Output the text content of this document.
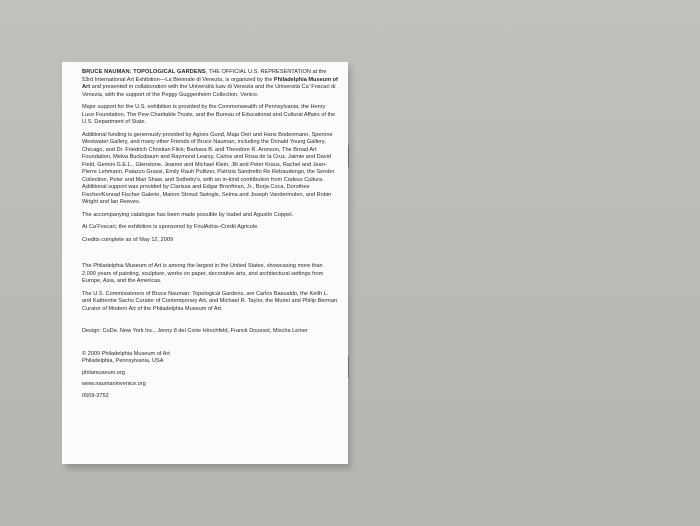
BRUCE NAUMAN: TOPOLOGICAL GARDENS, THE OFFICIAL U.S. REPRESENTATION at the 53rd International Art Exhibition—La Biennale di Venezia, is organized by the Philadelphia Museum of Art and presented in collaboration with the Università Iuav di Venezia and the Università Ca’ Foscari di Venezia, with the support of the Peggy Guggenheim Collection, Venice.

Major support for the U.S. exhibition is provided by the Commonwealth of Pennsylvania, the Henry Luce Foundation, The Pew Charitable Trusts, and the Bureau of Educational and Cultural Affairs of the U.S. Department of State.

Additional funding is generously provided by Agnes Gund, Maja Oeri and Hans Bodenmann, Sperone Westwater Gallery, and many other Friends of Bruce Nauman, including the Donald Young Gallery, Chicago, and Dr. Friedrich Christian Flick; Barbara B. and Theodore R. Aronson, The Broad Art Foundation, Melva Bucksbaum and Raymond Learsy, Carlos and Rosa de la Cruz, Jaimie and David Field, Gemini G.E.L., Glenstone, Jeanne and Michael Klein, Jill and Peter Kraus, Rachel and Jean-Pierre Lehmann, Palazzo Grassi, Emily Rauh Pulitzer, Patrizia Sandretto Re Rebaudengo, the Sender Collection, Peter and Mari Shaw, and Sotheby’s, with an in-kind contribution from Codess Cultura. Additional support was provided by Clarissa and Edgar Bronfman, Jr., Borja Coca, Dorothee Fischer/Konrad Fischer Galerie, Marion Stroud Swingle, Selma and Joseph Vandermolen, and Robin Wright and Ian Reeves.

The accompanying catalogue has been made possible by Isabel and Agustín Coppel.

At Ca’Foscari, the exhibition is sponsored by FriulAdria–Crédit Agricole.

Credits complete as of May 12, 2009

The Philadelphia Museum of Art is among the largest in the United States, showcasing more than 2,000 years of painting, sculpture, works on paper, decorative arts, and architectural settings from Europe, Asia, and the Americas.

The U.S. Commissioners of Bruce Nauman: Topological Gardens, are Carlos Basualdo, the Keith L. and Katherine Sachs Curator of Contemporary Art, and Michael R. Taylor, the Muriel and Philip Berman Curator of Modern Art of the Philadelphia Museum of Art.

Design: CoDe. New York Inc., Jenny 8 del Corte Hirschfeld, Franck Doussot, Mischa Leiner

© 2009 Philadelphia Museum of Art
Philadelphia, Pennsylvania, USA

philamuseum.org

www.naumaninvenice.org

0509-3752
